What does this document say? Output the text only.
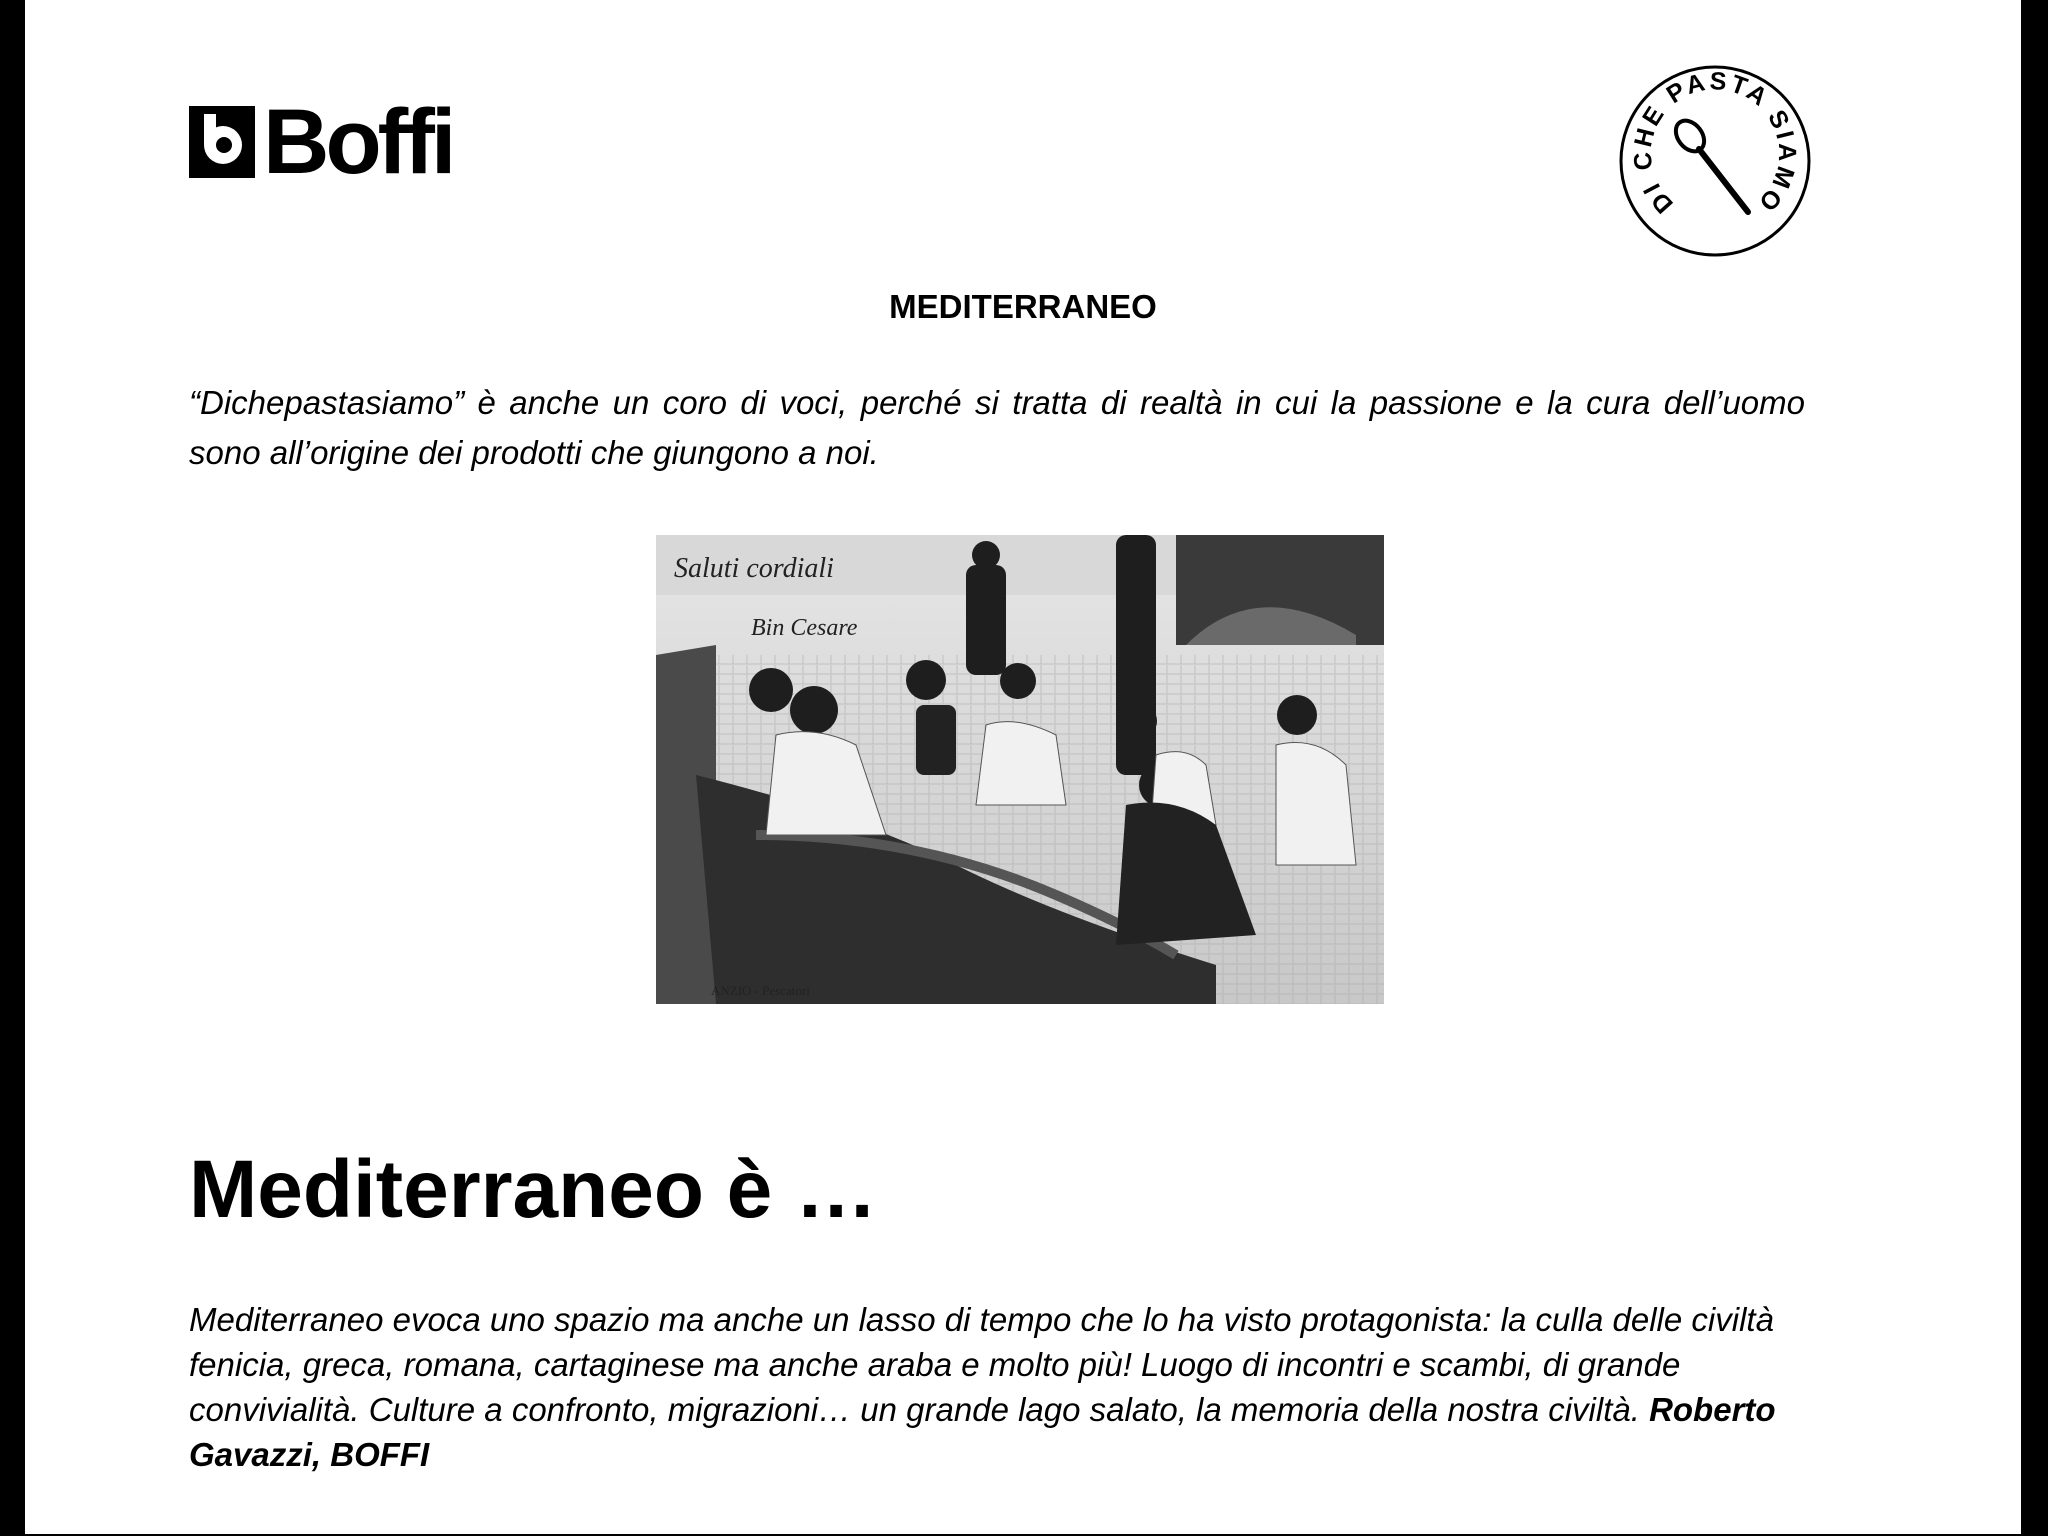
Boffi
DI CHE PASTA SIAMO
MEDITERRANEO

“Dichepastasiamo” è anche un coro di voci, perché si tratta di realtà in cui la passione e la cura dell’uomo sono all’origine dei prodotti che giungono a noi.

Saluti cordiali
Bin Cesare
ANZIO - Pescatori
Mediterraneo è …

Mediterraneo evoca uno spazio ma anche un lasso di tempo che lo ha visto protagonista: la culla delle civiltà fenicia, greca, romana, cartaginese ma anche araba e molto più! Luogo di incontri e scambi, di grande convivialità. Culture a confronto, migrazioni… un grande lago salato, la memoria della nostra civiltà. Roberto Gavazzi, BOFFI
